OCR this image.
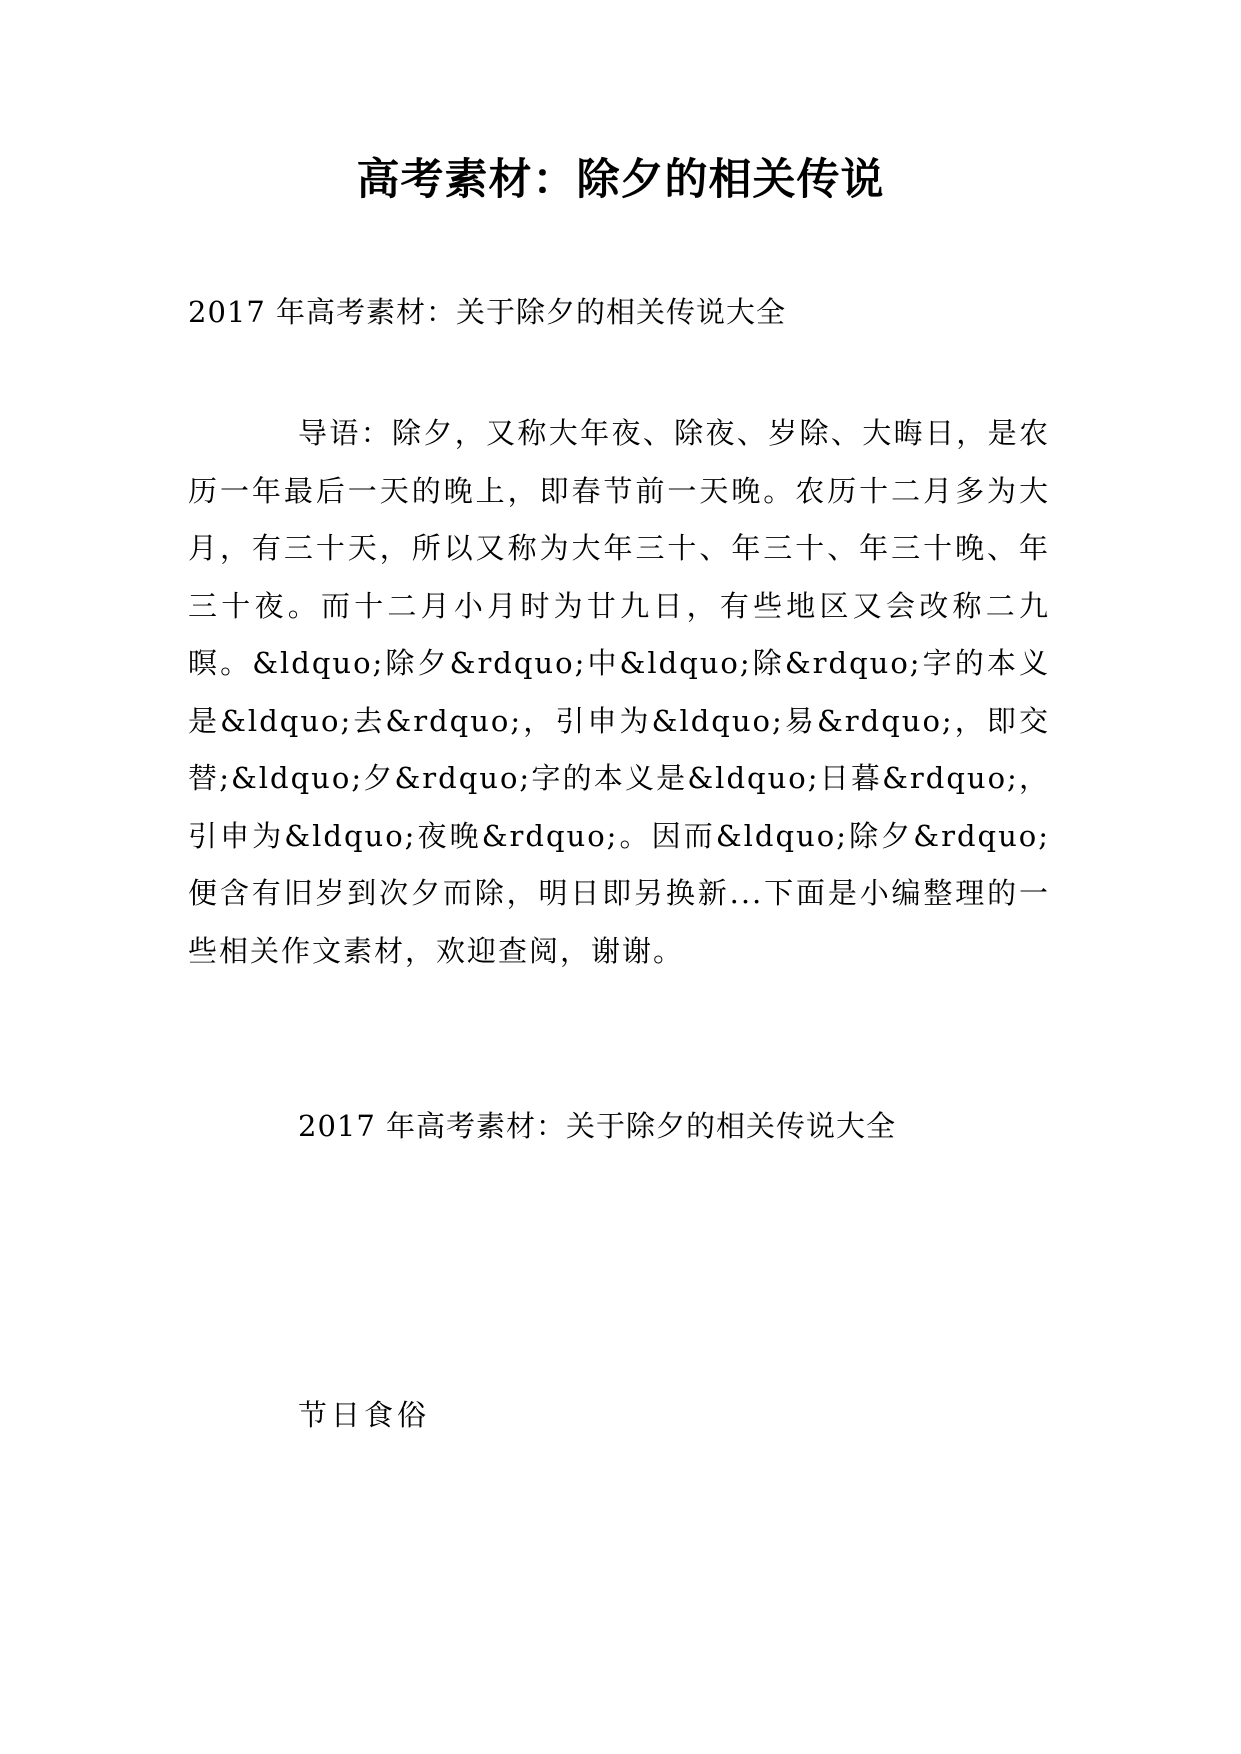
高考素材：除夕的相关传说
2017 年高考素材：关于除夕的相关传说大全
导语：除夕，又称大年夜、除夜、岁除、大晦日，是农历一年最后一天的晚上，即春节前一天晚。农历十二月多为大月，有三十天，所以又称为大年三十、年三十、年三十晚、年三十夜。而十二月小月时为廿九日，有些地区又会改称二九暝。&ldquo;除夕&rdquo;中&ldquo;除&rdquo;字的本义是&ldquo;去&rdquo;，引申为&ldquo;易&rdquo;，即交替;&ldquo;夕&rdquo;字的本义是&ldquo;日暮&rdquo;，引申为&ldquo;夜晚&rdquo;。因而&ldquo;除夕&rdquo;便含有旧岁到次夕而除，明日即另换新...下面是小编整理的一些相关作文素材，欢迎查阅，谢谢。
2017 年高考素材：关于除夕的相关传说大全
节日食俗
